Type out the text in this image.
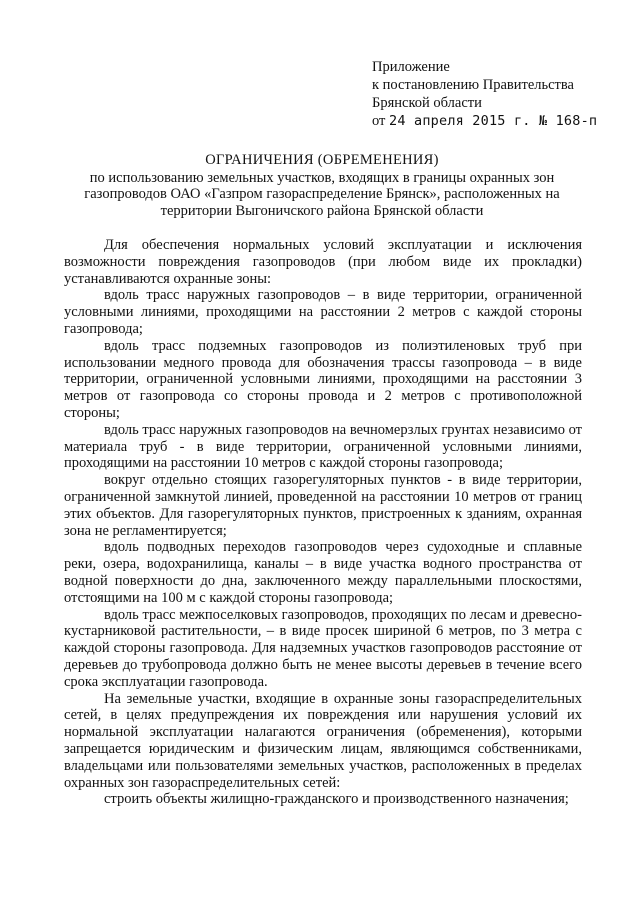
Приложение
к постановлению Правительства
Брянской области
от 24 апреля 2015 г. № 168-п
ОГРАНИЧЕНИЯ (ОБРЕМЕНЕНИЯ)
по использованию земельных участков, входящих в границы охранных зон
газопроводов ОАО «Газпром газораспределение Брянск», расположенных на
территории Выгоничского района Брянской области

Для обеспечения нормальных условий эксплуатации и исключения возможности повреждения газопроводов (при любом виде их прокладки) устанавливаются охранные зоны:

вдоль трасс наружных газопроводов – в виде территории, ограниченной условными линиями, проходящими на расстоянии 2 метров с каждой стороны газопровода;

вдоль трасс подземных газопроводов из полиэтиленовых труб при использовании медного провода для обозначения трассы газопровода – в виде территории, ограниченной условными линиями, проходящими на расстоянии 3 метров от газопровода со стороны провода и 2 метров с противоположной стороны;

вдоль трасс наружных газопроводов на вечномерзлых грунтах независимо от материала труб - в виде территории, ограниченной условными линиями, проходящими на расстоянии 10 метров с каждой стороны газопровода;

вокруг отдельно стоящих газорегуляторных пунктов - в виде территории, ограниченной замкнутой линией, проведенной на расстоянии 10 метров от границ этих объектов. Для газорегуляторных пунктов, пристроенных к зданиям, охранная зона не регламентируется;

вдоль подводных переходов газопроводов через судоходные и сплавные реки, озера, водохранилища, каналы – в виде участка водного пространства от водной поверхности до дна, заключенного между параллельными плоскостями, отстоящими на 100 м с каждой стороны газопровода;

вдоль трасс межпоселковых газопроводов, проходящих по лесам и древесно-кустарниковой растительности, – в виде просек шириной 6 метров, по 3 метра с каждой стороны газопровода. Для надземных участков газопроводов расстояние от деревьев до трубопровода должно быть не менее высоты деревьев в течение всего срока эксплуатации газопровода.

На земельные участки, входящие в охранные зоны газораспределительных сетей, в целях предупреждения их повреждения или нарушения условий их нормальной эксплуатации налагаются ограничения (обременения), которыми запрещается юридическим и физическим лицам, являющимся собственниками, владельцами или пользователями земельных участков, расположенных в пределах охранных зон газораспределительных сетей:

строить объекты жилищно-гражданского и производственного назначения;
